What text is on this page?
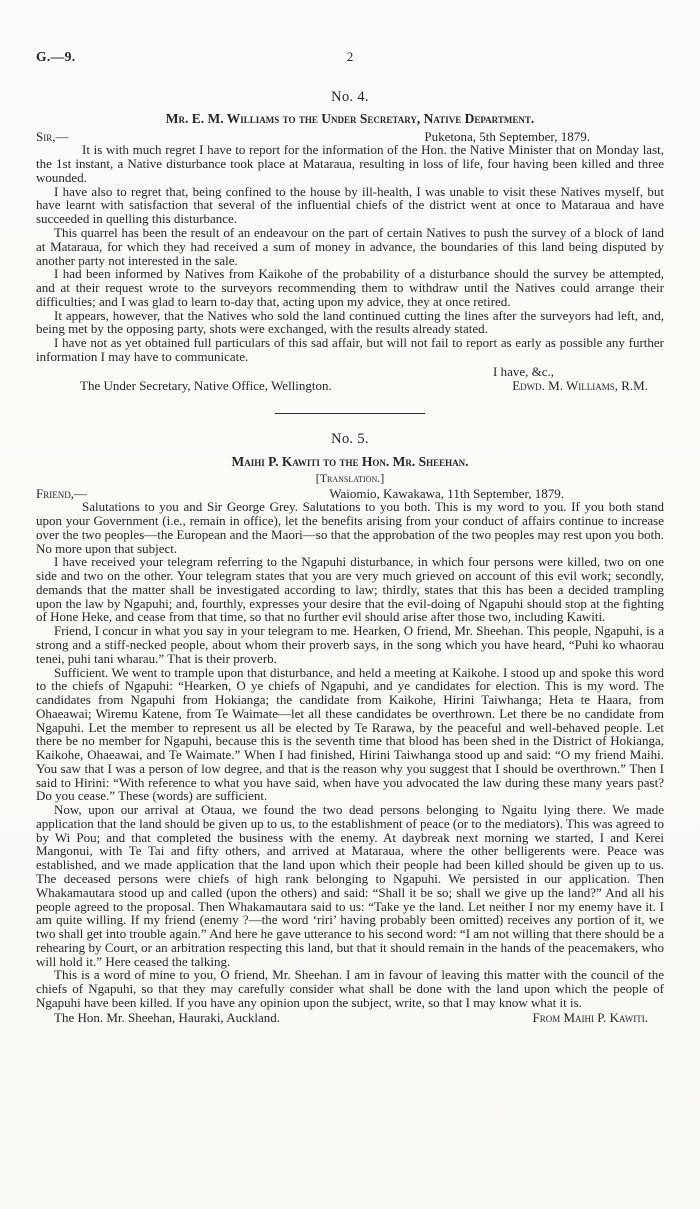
G.—9.	2
No. 4.
Mr. E. M. Williams to the Under Secretary, Native Department.
Sir,—	Puketona, 5th September, 1879.

It is with much regret I have to report for the information of the Hon. the Native Minister that on Monday last, the 1st instant, a Native disturbance took place at Mataraua, resulting in loss of life, four having been killed and three wounded.

I have also to regret that, being confined to the house by ill-health, I was unable to visit these Natives myself, but have learnt with satisfaction that several of the influential chiefs of the district went at once to Mataraua and have succeeded in quelling this disturbance.

This quarrel has been the result of an endeavour on the part of certain Natives to push the survey of a block of land at Mataraua, for which they had received a sum of money in advance, the boundaries of this land being disputed by another party not interested in the sale.

I had been informed by Natives from Kaikohe of the probability of a disturbance should the survey be attempted, and at their request wrote to the surveyors recommending them to withdraw until the Natives could arrange their difficulties; and I was glad to learn to-day that, acting upon my advice, they at once retired.

It appears, however, that the Natives who sold the land continued cutting the lines after the surveyors had left, and, being met by the opposing party, shots were exchanged, with the results already stated.

I have not as yet obtained full particulars of this sad affair, but will not fail to report as early as possible any further information I may have to communicate.

I have, &c.,
The Under Secretary, Native Office, Wellington.	Edwd. M. Williams, R.M.
No. 5.
Maihi P. Kawiti to the Hon. Mr. Sheehan.
[Translation.]
Friend,—	Waiomio, Kawakawa, 11th September, 1879.

Salutations to you and Sir George Grey. Salutations to you both. This is my word to you. If you both stand upon your Government (i.e., remain in office), let the benefits arising from your conduct of affairs continue to increase over the two peoples—the European and the Maori—so that the approbation of the two peoples may rest upon you both. No more upon that subject.

I have received your telegram referring to the Ngapuhi disturbance, in which four persons were killed, two on one side and two on the other. Your telegram states that you are very much grieved on account of this evil work; secondly, demands that the matter shall be investigated according to law; thirdly, states that this has been a decided trampling upon the law by Ngapuhi; and, fourthly, expresses your desire that the evil-doing of Ngapuhi should stop at the fighting of Hone Heke, and cease from that time, so that no further evil should arise after those two, including Kawiti.

Friend, I concur in what you say in your telegram to me. Hearken, O friend, Mr. Sheehan. This people, Ngapuhi, is a strong and a stiff-necked people, about whom their proverb says, in the song which you have heard, “Puhi ko whaorau tenei, puhi tani wharau.” That is their proverb.

Sufficient. We went to trample upon that disturbance, and held a meeting at Kaikohe. I stood up and spoke this word to the chiefs of Ngapuhi: “Hearken, O ye chiefs of Ngapuhi, and ye candidates for election. This is my word. The candidates from Ngapuhi from Hokianga; the candidate from Kaikohe, Hirini Taiwhanga; Heta te Haara, from Ohaeawai; Wiremu Katene, from Te Waimate—let all these candidates be overthrown. Let there be no candidate from Ngapuhi. Let the member to represent us all be elected by Te Rarawa, by the peaceful and well-behaved people. Let there be no member for Ngapuhi, because this is the seventh time that blood has been shed in the District of Hokianga, Kaikohe, Ohaeawai, and Te Waimate.” When I had finished, Hirini Taiwhanga stood up and said: “O my friend Maihi. You saw that I was a person of low degree, and that is the reason why you suggest that I should be overthrown.” Then I said to Hirini: “With reference to what you have said, when have you advocated the law during these many years past? Do you cease.” These (words) are sufficient.

Now, upon our arrival at Otaua, we found the two dead persons belonging to Ngaitu lying there. We made application that the land should be given up to us, to the establishment of peace (or to the mediators). This was agreed to by Wi Pou; and that completed the business with the enemy. At daybreak next morning we started, I and Kerei Mangonui, with Te Tai and fifty others, and arrived at Mataraua, where the other belligerents were. Peace was established, and we made application that the land upon which their people had been killed should be given up to us. The deceased persons were chiefs of high rank belonging to Ngapuhi. We persisted in our application. Then Whakamautara stood up and called (upon the others) and said: “Shall it be so; shall we give up the land?” And all his people agreed to the proposal. Then Whakamautara said to us: “Take ye the land. Let neither I nor my enemy have it. I am quite willing. If my friend (enemy ?—the word ‘riri’ having probably been omitted) receives any portion of it, we two shall get into trouble again.” And here he gave utterance to his second word: “I am not willing that there should be a rehearing by Court, or an arbitration respecting this land, but that it should remain in the hands of the peacemakers, who will hold it.” Here ceased the talking.

This is a word of mine to you, O friend, Mr. Sheehan. I am in favour of leaving this matter with the council of the chiefs of Ngapuhi, so that they may carefully consider what shall be done with the land upon which the people of Ngapuhi have been killed. If you have any opinion upon the subject, write, so that I may know what it is.

The Hon. Mr. Sheehan, Hauraki, Auckland.	From Maihi P. Kawiti.
